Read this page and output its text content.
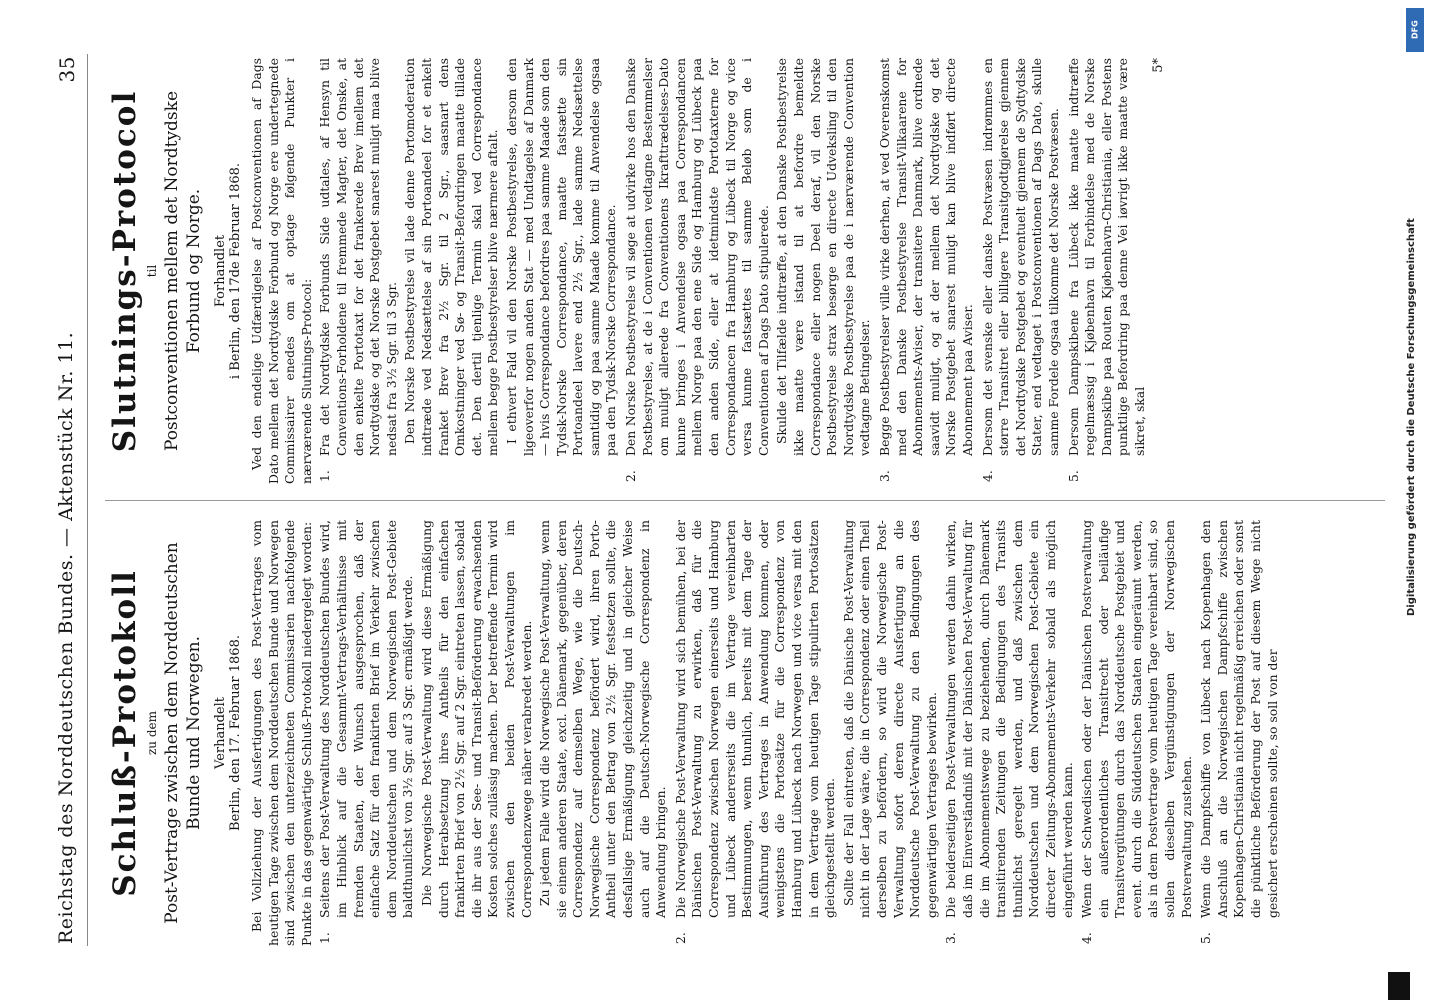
Reichstag des Norddeutschen Bundes. — Aktenstück Nr. 11.
35
Schluß-Protokoll zu dem Post-Vertrage zwischen dem Norddeutschen Bunde und Norwegen. Verhandelt Berlin, den 17. Februar 1868. Bei Vollziehung der Ausfertigungen des Post-Vertrages vom heutigen Tage zwischen dem Norddeutschen Bunde und Norwegen sind zwischen den unterzeichneten Commissarien nachfolgende Punkte in das gegenwärtige Schluß-Protokoll niedergelegt worden: 1.

Seitens der Post-Verwaltung des Norddeutschen Bundes wird, im Hinblick auf die Gesammt-Vertrags-Verhältnisse mit fremden Staaten, der Wunsch ausgesprochen, daß der einfache Satz für den frankirten Brief im Verkehr zwischen dem Norddeutschen und dem Norwegischen Post-Gebiete baldthunlichst von 3½ Sgr. auf 3 Sgr. ermäßigt werde. Die Norwegische Post-Verwaltung wird diese Ermäßigung durch Herabsetzung ihres Antheils für den einfachen frankirten Brief von 2½ Sgr. auf 2 Sgr. eintreten lassen, sobald die ihr aus der See- und Transit-Beförderung erwachsenden Kosten solches zulässig machen. Der betreffende Termin wird zwischen den beiden Post-Verwaltungen im Correspondenzwege näher verabredet werden. Zu jedem Falle wird die Norwegische Post-Verwaltung, wenn sie einem anderen Staate, excl. Dänemark, gegenüber, deren Correspondenz auf demselben Wege, wie die Deutsch-Norwegische Correspondenz befördert wird, ihren Porto-Antheil unter den Betrag von 2½ Sgr. festsetzen sollte, die desfallsige Ermäßigung gleichzeitig und in gleicher Weise auch auf die Deutsch-Norwegische Correspondenz in Anwendung bringen.

2.

Die Norwegische Post-Verwaltung wird sich bemühen, bei der Dänischen Post-Verwaltung zu erwirken, daß für die Correspondenz zwischen Norwegen einerseits und Hamburg und Lübeck andererseits die im Vertrage vereinbarten Bestimmungen, wenn thunlich, bereits mit dem Tage der Ausführung des Vertrages in Anwendung kommen, oder wenigstens die Portosätze für die Correspondenz von Hamburg und Lübeck nach Norwegen und vice versa mit den in dem Vertrage vom heutigen Tage stipulirten Portosätzen gleichgestellt werden. Sollte der Fall eintreten, daß die Dänische Post-Verwaltung nicht in der Lage wäre, die in Correspondenz oder einen Theil derselben zu befördern, so wird die Norwegische Post-Verwaltung sofort deren directe Ausfertigung an die Norddeutsche Post-Verwaltung zu den Bedingungen des gegenwärtigen Vertrages bewirken.

3.

Die beiderseitigen Post-Verwaltungen werden dahin wirken, daß im Einverständniß mit der Dänischen Post-Verwaltung für die im Abonnementswege zu beziehenden, durch Dänemark transitirenden Zeitungen die Bedingungen des Transits thunlichst geregelt werden, und daß zwischen dem Norddeutschen und dem Norwegischen Post-Gebiete ein directer Zeitungs-Abonnements-Verkehr sobald als möglich eingeführt werden kann.

4.

Wenn der Schwedischen oder der Dänischen Postverwaltung ein außerordentliches Transitrecht oder beiläufige Transitvergütungen durch das Norddeutsche Postgebiet und event. durch die Süddeutschen Staaten eingeräumt werden, als in dem Postvertrage vom heutigen Tage vereinbart sind, so sollen dieselben Vergünstigungen der Norwegischen Postverwaltung zustehen.

5.

Wenn die Dampfschiffe von Lübeck nach Kopenhagen den Anschluß an die Norwegischen Dampfschiffe zwischen Kopenhagen-Christiania nicht regelmäßig erreichen oder sonst die pünktliche Beförderung der Post auf diesem Wege nicht gesichert erscheinen sollte, so soll von der

Slutnings-Protocol til Postconventionen mellem det Nordtydske Forbund og Norge. Forhandlet i Berlin, den 17de Februar 1868. Ved den endelige Udfærdigelse af Postconventionen af Dags Dato mellem det Nordtydske Forbund og Norge ere undertegnede Commissairer enedes om at optage følgende Punkter i nærværende Slutnings-Protocol: 1.

Fra det Nordtydske Forbunds Side udtales, af Hensyn til Conventions-Forholdene til fremmede Magter, det Onske, at den enkelte Portotaxt for det frankerede Brev imellem det Nordtydske og det Norske Postgebet snarest muligt maa blive nedsat fra 3½ Sgr. til 3 Sgr. Den Norske Postbestyrelse vil lade denne Portomoderation indtræde ved Nedsættelse af sin Portoandeel for et enkelt franket Brev fra 2½ Sgr. til 2 Sgr., saasnart dens Omkostninger ved Sø- og Transit-Befordringen maatte tillade det. Den dertil tjenlige Termin skal ved Correspondance mellem begge Postbestyrelser blive nærmere aftalt. I ethvert Fald vil den Norske Postbestyrelse, dersom den ligeoverfor nogen anden Stat — med Undtagelse af Danmark — hvis Correspondance befordres paa samme Maade som den Tydsk-Norske Correspondance, maatte fastsætte sin Portoandeel lavere end 2½ Sgr., lade samme Nedsættelse samtidig og paa samme Maade komme til Anvendelse ogsaa paa den Tydsk-Norske Correspondance.

2.

Den Norske Postbestyrelse vil søge at udvirke hos den Danske Postbestyrelse, at de i Conventionen vedtagne Bestemmelser om muligt allerede fra Conventionens Ikrafttrædelses-Dato kunne bringes i Anvendelse ogsaa paa Correspondancen mellem Norge paa den ene Side og Hamburg og Lübeck paa den anden Side, eller at idetmindste Portotaxterne for Correspondancen fra Hamburg og Lübeck til Norge og vice versa kunne fastsættes til samme Beløb som de i Conventionen af Dags Dato stipulerede. Skulde det Tilfælde indtræffe, at den Danske Postbestyrelse ikke maatte være istand til at befordre bemeldte Correspondance eller nogen Deel deraf, vil den Norske Postbestyrelse strax besørge en directe Udveksling til den Nordtydske Postbestyrelse paa de i nærværende Convention vedtagne Betingelser.

3.

Begge Postbestyrelser ville virke derhen, at ved Overenskomst med den Danske Postbestyrelse Transit-Vilkaarene for Abonnements-Aviser, der transitere Danmark, blive ordnede saavidt muligt, og at der mellem det Nordtydske og det Norske Postgebet snarest muligt kan blive indført directe Abonnement paa Aviser.

4.

Dersom det svenske eller danske Postvæsen indrømmes en større Transitret eller billigere Transitgodtgjørelse gjennem det Nordtydske Postgebet og eventuelt gjennem de Sydtydske Stater, end vedtaget i Postconventionen af Dags Dato, skulle samme Fordele ogsaa tilkomme det Norske Postvæsen.

5.

Dersom Dampskibene fra Lübeck ikke maatte indtræffe regelmæssig i Kjøbenhavn til Forbindelse med de Norske Dampskibe paa Routen Kjøbenhavn-Christiania, eller Postens punktlige Befordring paa denne Vei iøvrigt ikke maatte være sikret, skal

5*
DFG
Digitalisierung gefördert durch die Deutsche Forschungsgemeinschaft
